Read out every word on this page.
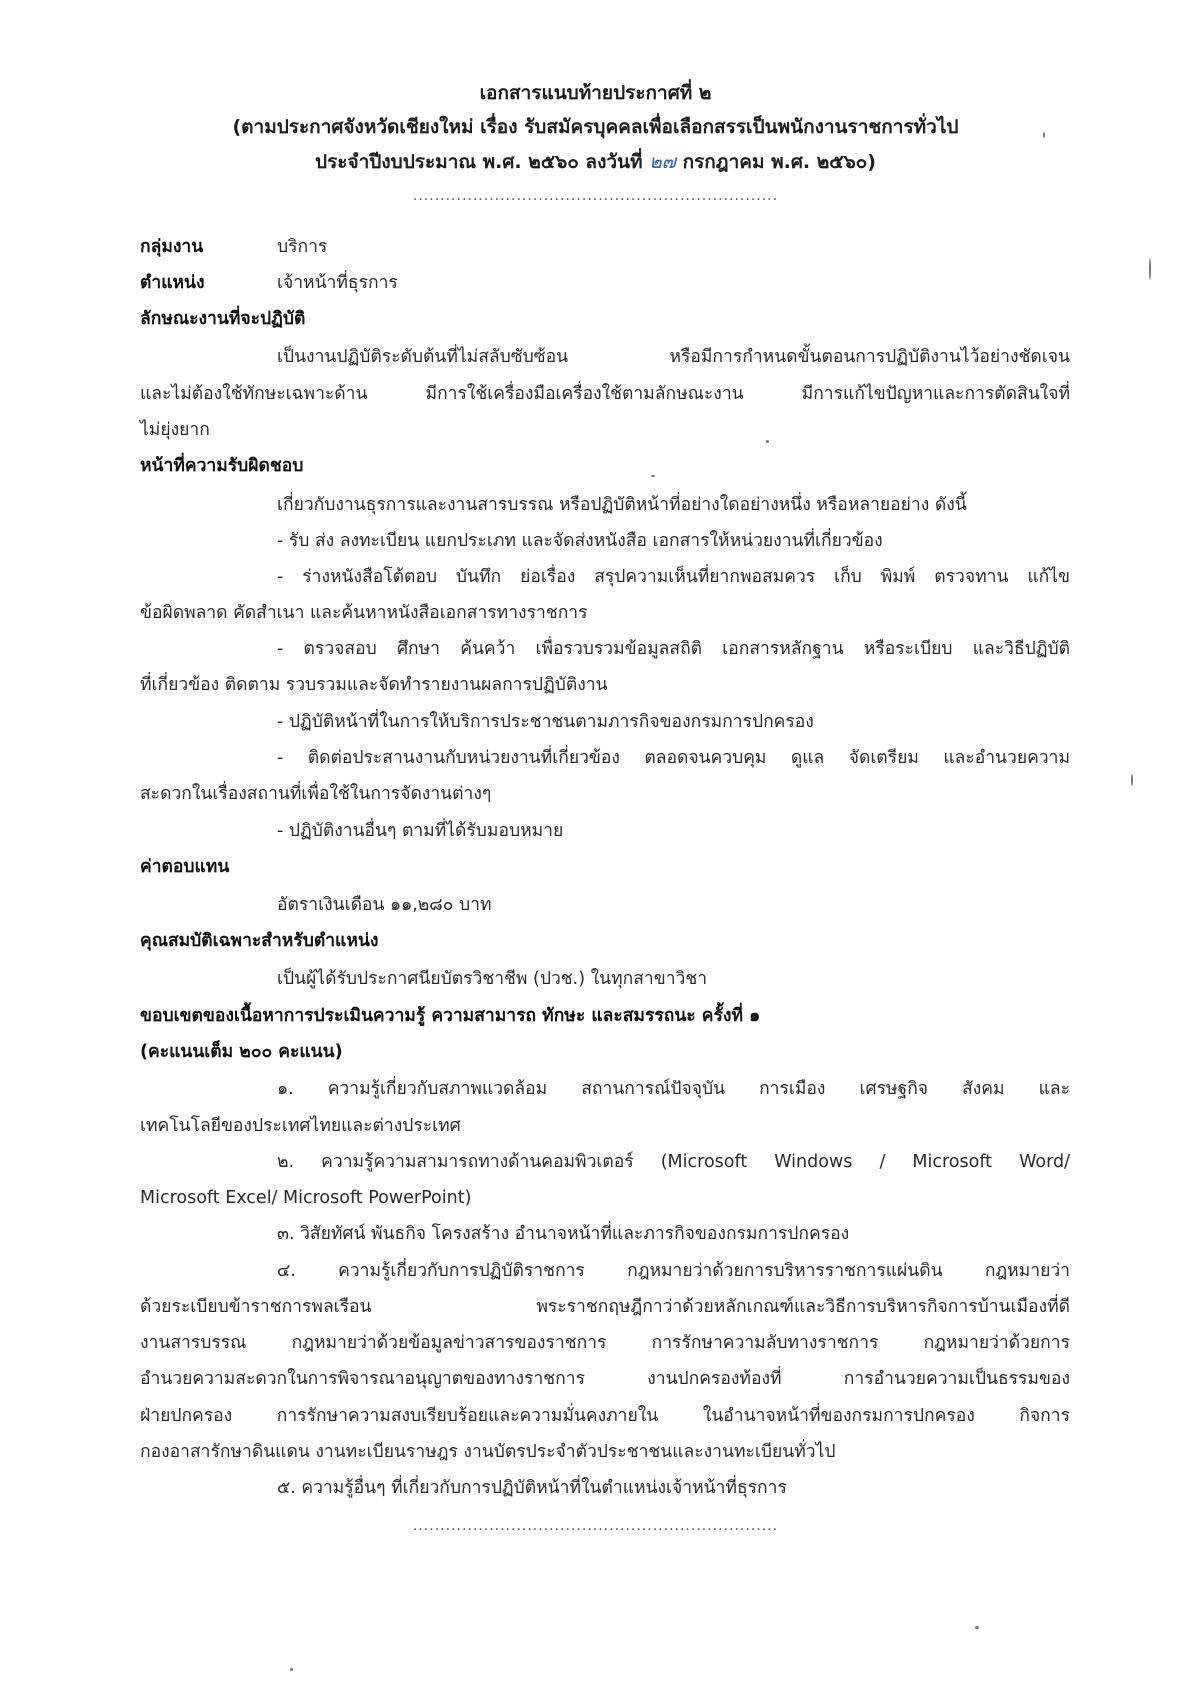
เอกสารแนบท้ายประกาศที่ ๒
(ตามประกาศจังหวัดเชียงใหม่ เรื่อง รับสมัครบุคคลเพื่อเลือกสรรเป็นพนักงานราชการทั่วไป
ประจำปีงบประมาณ พ.ศ. ๒๕๖๐ ลงวันที่ ๒๗ กรกฎาคม พ.ศ. ๒๕๖๐)
...................................................................
กลุ่มงาน	บริการ
ตำแหน่ง	เจ้าหน้าที่ธุรการ
ลักษณะงานที่จะปฏิบัติ
เป็นงานปฏิบัติระดับต้นที่ไม่สลับซับซ้อน หรือมีการกำหนดขั้นตอนการปฏิบัติงานไว้อย่างชัดเจน
และไม่ต้องใช้ทักษะเฉพาะด้าน มีการใช้เครื่องมือเครื่องใช้ตามลักษณะงาน มีการแก้ไขปัญหาและการตัดสินใจที่
ไม่ยุ่งยาก
หน้าที่ความรับผิดชอบ
เกี่ยวกับงานธุรการและงานสารบรรณ หรือปฏิบัติหน้าที่อย่างใดอย่างหนึ่ง หรือหลายอย่าง ดังนี้
- รับ ส่ง ลงทะเบียน แยกประเภท และจัดส่งหนังสือ เอกสารให้หน่วยงานที่เกี่ยวข้อง
- ร่างหนังสือโต้ตอบ บันทึก ย่อเรื่อง สรุปความเห็นที่ยากพอสมควร เก็บ พิมพ์ ตรวจทาน แก้ไข
ข้อผิดพลาด คัดสำเนา และค้นหาหนังสือเอกสารทางราชการ
- ตรวจสอบ ศึกษา ค้นคว้า เพื่อรวบรวมข้อมูลสถิติ เอกสารหลักฐาน หรือระเบียบ และวิธีปฏิบัติ
ที่เกี่ยวข้อง ติดตาม รวบรวมและจัดทำรายงานผลการปฏิบัติงาน
- ปฏิบัติหน้าที่ในการให้บริการประชาชนตามภารกิจของกรมการปกครอง
- ติดต่อประสานงานกับหน่วยงานที่เกี่ยวข้อง ตลอดจนควบคุม ดูแล จัดเตรียม และอำนวยความ
สะดวกในเรื่องสถานที่เพื่อใช้ในการจัดงานต่างๆ
- ปฏิบัติงานอื่นๆ ตามที่ได้รับมอบหมาย
ค่าตอบแทน
อัตราเงินเดือน ๑๑,๒๘๐ บาท
คุณสมบัติเฉพาะสำหรับตำแหน่ง
เป็นผู้ได้รับประกาศนียบัตรวิชาชีพ (ปวช.) ในทุกสาขาวิชา
ขอบเขตของเนื้อหาการประเมินความรู้ ความสามารถ ทักษะ และสมรรถนะ ครั้งที่ ๑
(คะแนนเต็ม ๒๐๐ คะแนน)
๑. ความรู้เกี่ยวกับสภาพแวดล้อม สถานการณ์ปัจจุบัน การเมือง เศรษฐกิจ สังคม และ
เทคโนโลยีของประเทศไทยและต่างประเทศ
๒. ความรู้ความสามารถทางด้านคอมพิวเตอร์ (Microsoft Windows / Microsoft Word/
Microsoft Excel/ Microsoft PowerPoint)
๓. วิสัยทัศน์ พันธกิจ โครงสร้าง อำนาจหน้าที่และภารกิจของกรมการปกครอง
๔. ความรู้เกี่ยวกับการปฏิบัติราชการ กฎหมายว่าด้วยการบริหารราชการแผ่นดิน กฎหมายว่า
ด้วยระเบียบข้าราชการพลเรือน พระราชกฤษฎีกาว่าด้วยหลักเกณฑ์และวิธีการบริหารกิจการบ้านเมืองที่ดี
งานสารบรรณ กฎหมายว่าด้วยข้อมูลข่าวสารของราชการ การรักษาความลับทางราชการ กฎหมายว่าด้วยการ
อำนวยความสะดวกในการพิจารณาอนุญาตของทางราชการ งานปกครองท้องที่ การอำนวยความเป็นธรรมของ
ฝ่ายปกครอง การรักษาความสงบเรียบร้อยและความมั่นคงภายใน ในอำนาจหน้าที่ของกรมการปกครอง กิจการ
กองอาสารักษาดินแดน งานทะเบียนราษฎร งานบัตรประจำตัวประชาชนและงานทะเบียนทั่วไป
๕. ความรู้อื่นๆ ที่เกี่ยวกับการปฏิบัติหน้าที่ในตำแหน่งเจ้าหน้าที่ธุรการ
...................................................................
